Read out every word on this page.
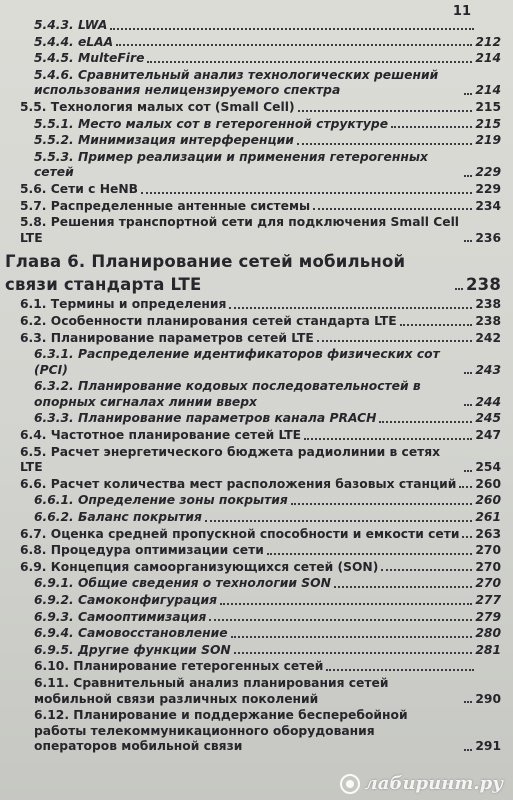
11
5.4.3. LWA
5.4.4. eLAA	212
5.4.5. MulteFire	214
5.4.6. Сравнительный анализ технологических решений использования нелицензируемого спектра	214
5.5. Технология малых сот (Small Cell)	215
5.5.1. Место малых сот в гетерогенной структуре	215
5.5.2. Минимизация интерференции	219
5.5.3. Пример реализации и применения гетерогенных сетей	229
5.6. Сети с HeNB	229
5.7. Распределенные антенные системы	234
5.8. Решения транспортной сети для подключения Small Cell LTE	236
Глава 6. Планирование сетей мобильной связи стандарта LTE	238
6.1. Термины и определения	238
6.2. Особенности планирования сетей стандарта LTE	238
6.3. Планирование параметров сетей LTE	242
6.3.1. Распределение идентификаторов физических сот (PCI)	243
6.3.2. Планирование кодовых последовательностей в опорных сигналах линии вверх	244
6.3.3. Планирование параметров канала PRACH	245
6.4. Частотное планирование сетей LTE	247
6.5. Расчет энергетического бюджета радиолинии в сетях LTE	254
6.6. Расчет количества мест расположения базовых станций 260
6.6.1. Определение зоны покрытия	260
6.6.2. Баланс покрытия	261
6.7. Оценка средней пропускной способности и емкости сети 263
6.8. Процедура оптимизации сети	270
6.9. Концепция самоорганизующихся сетей (SON)	270
6.9.1. Общие сведения о технологии SON	270
6.9.2. Самоконфигурация	277
6.9.3. Самооптимизация	279
6.9.4. Самовосстановление	280
6.9.5. Другие функции SON	281
6.10. Планирование гетерогенных сетей
6.11. Сравнительный анализ планирования сетей мобильной связи различных поколений	290
6.12. Планирование и поддержание бесперебойной работы телекоммуникационного оборудования операторов мобильной связи	291
лабиринт.ру
